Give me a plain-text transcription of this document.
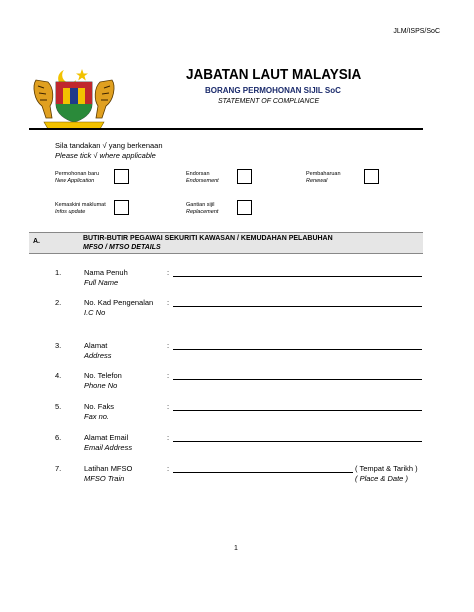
JLM/ISPS/SoC
JABATAN LAUT MALAYSIA
BORANG PERMOHONAN SIJIL SoC
STATEMENT OF COMPLIANCE
Sila tandakan √ yang berkenaan
Please tick √ where applicable
Permohonan baru
New Application
Endorsan
Endorsement
Pembaharuan
Renewal
Kemaskini maklumat
Infos update
Gantian sijil
Replacement
A.	BUTIR-BUTIR PEGAWAI SEKURITI KAWASAN / KEMUDAHAN PELABUHAN
MFSO / MTSO DETAILS
1.	Nama Penuh
Full Name
:
2.	No. Kad Pengenalan
I.C No
:
3.	Alamat
Address
:
4.	No. Telefon
Phone No
:
5.	No. Faks
Fax no.
:
6.	Alamat Email
Email Address
:
7.	Latihan MFSO
MFSO Train
:	( Tempat & Tarikh )
( Place & Date )
1
